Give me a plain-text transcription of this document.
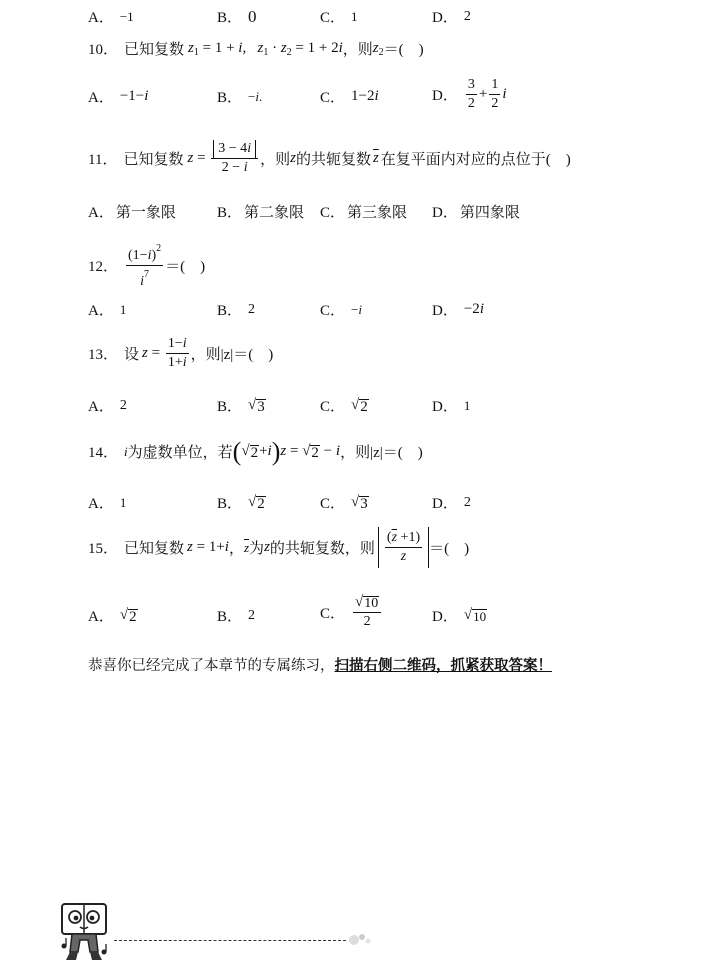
A． −1	B． 0	C． 1	D． 2
10． 已知复数 $z_1 = 1 + i$,   $z_1 \cdot z_2 = 1 + 2i$ ，则 $z_2$ ＝(　)
A． −1−i	B． −i.	C． 1−2i	D． $\frac{3}{2} + \frac{1}{2}$ i
11． 已知复数 $z = \frac{3 - 4i}{2 - i}$ ，则 z 的共轭复数 $\overline{z}$ 在复平面内对应的点位于(　)
A． 第一象限	B． 第二象限 C． 第三象限 D． 第四象限
12． $\frac{(1-i)^2}{i^7}$ ＝(　)
A． 1	B． 2	C． −i	D． −2i
13． 设 $z = \frac{1-i}{1+i}$ ，则|z|＝(　)
A． 2	B． √ 3	C． √ 2	D． 1
14． i 为虚数单位，若 ( √ 2 + i ) z = √ 2 − i ，则|z|＝(　)
A． 1	B． √ 2	C． √ 3	D． 2
15． 已知复数 z = 1+i ， $\overline{z}$ 为 z 的共轭复数，则 $\frac{(\overline{z} +1)}{z}$ ＝(　)
A． √ 2	B． 2	C． $\frac{√ 10}{2}$	D． √ 10
恭喜你已经完成了本章节的专属练习，扫描右侧二维码，抓紧获取答案！
